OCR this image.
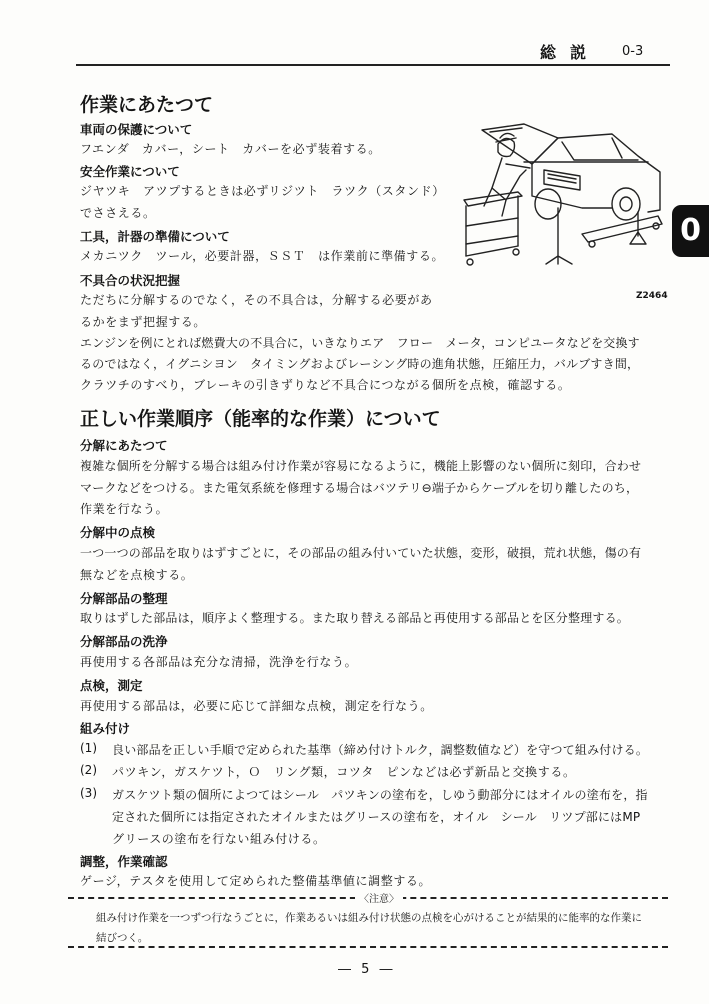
総説 0-3
0
作業にあたつて
車両の保護について
フエンダ　カバー，シート　カバーを必ず装着する。
安全作業について
ジヤツキ　アツプするときは必ずリジツト　ラツク（スタンド）
でささえる。
工具，計器の準備について
メカニツク　ツール，必要計器，ＳＳＴ　は作業前に準備する。
不具合の状況把握
ただちに分解するのでなく，その不具合は，分解する必要があ
るかをまず把握する。
エンジンを例にとれば燃費大の不具合に，いきなりエア　フロー　メータ，コンピユータなどを交換す
るのではなく，イグニシヨン　タイミングおよびレーシング時の進角状態，圧縮圧力，バルブすき間，
クラツチのすべり，ブレーキの引きずりなど不具合につながる個所を点検，確認する。
Z2464
正しい作業順序（能率的な作業）について
分解にあたつて
複雑な個所を分解する場合は組み付け作業が容易になるように，機能上影響のない個所に刻印，合わせ
マークなどをつける。また電気系統を修理する場合はバツテリ⊖端子からケーブルを切り離したのち，
作業を行なう。
分解中の点検
一つ一つの部品を取りはずすごとに，その部品の組み付いていた状態，変形，破損，荒れ状態，傷の有
無などを点検する。
分解部品の整理
取りはずした部品は，順序よく整理する。また取り替える部品と再使用する部品とを区分整理する。
分解部品の洗浄
再使用する各部品は充分な清掃，洗浄を行なう。
点検，測定
再使用する部品は，必要に応じて詳細な点検，測定を行なう。
組み付け
(1) 良い部品を正しい手順で定められた基準（締め付けトルク，調整数値など）を守つて組み付ける。
(2) パツキン，ガスケツト，Ｏ　リング類，コツタ　ピンなどは必ず新品と交換する。
(3) ガスケツト類の個所によつてはシール　パツキンの塗布を，しゆう動部分にはオイルの塗布を，指
定された個所には指定されたオイルまたはグリースの塗布を，オイル　シール　リツプ部にはMP
グリースの塗布を行ない組み付ける。
調整，作業確認
ゲージ，テスタを使用して定められた整備基準値に調整する。
〈注意〉
組み付け作業を一つずつ行なうごとに，作業あるいは組み付け状態の点検を心がけることが結果的に能率的な作業に
結びつく。
― 5 ―
